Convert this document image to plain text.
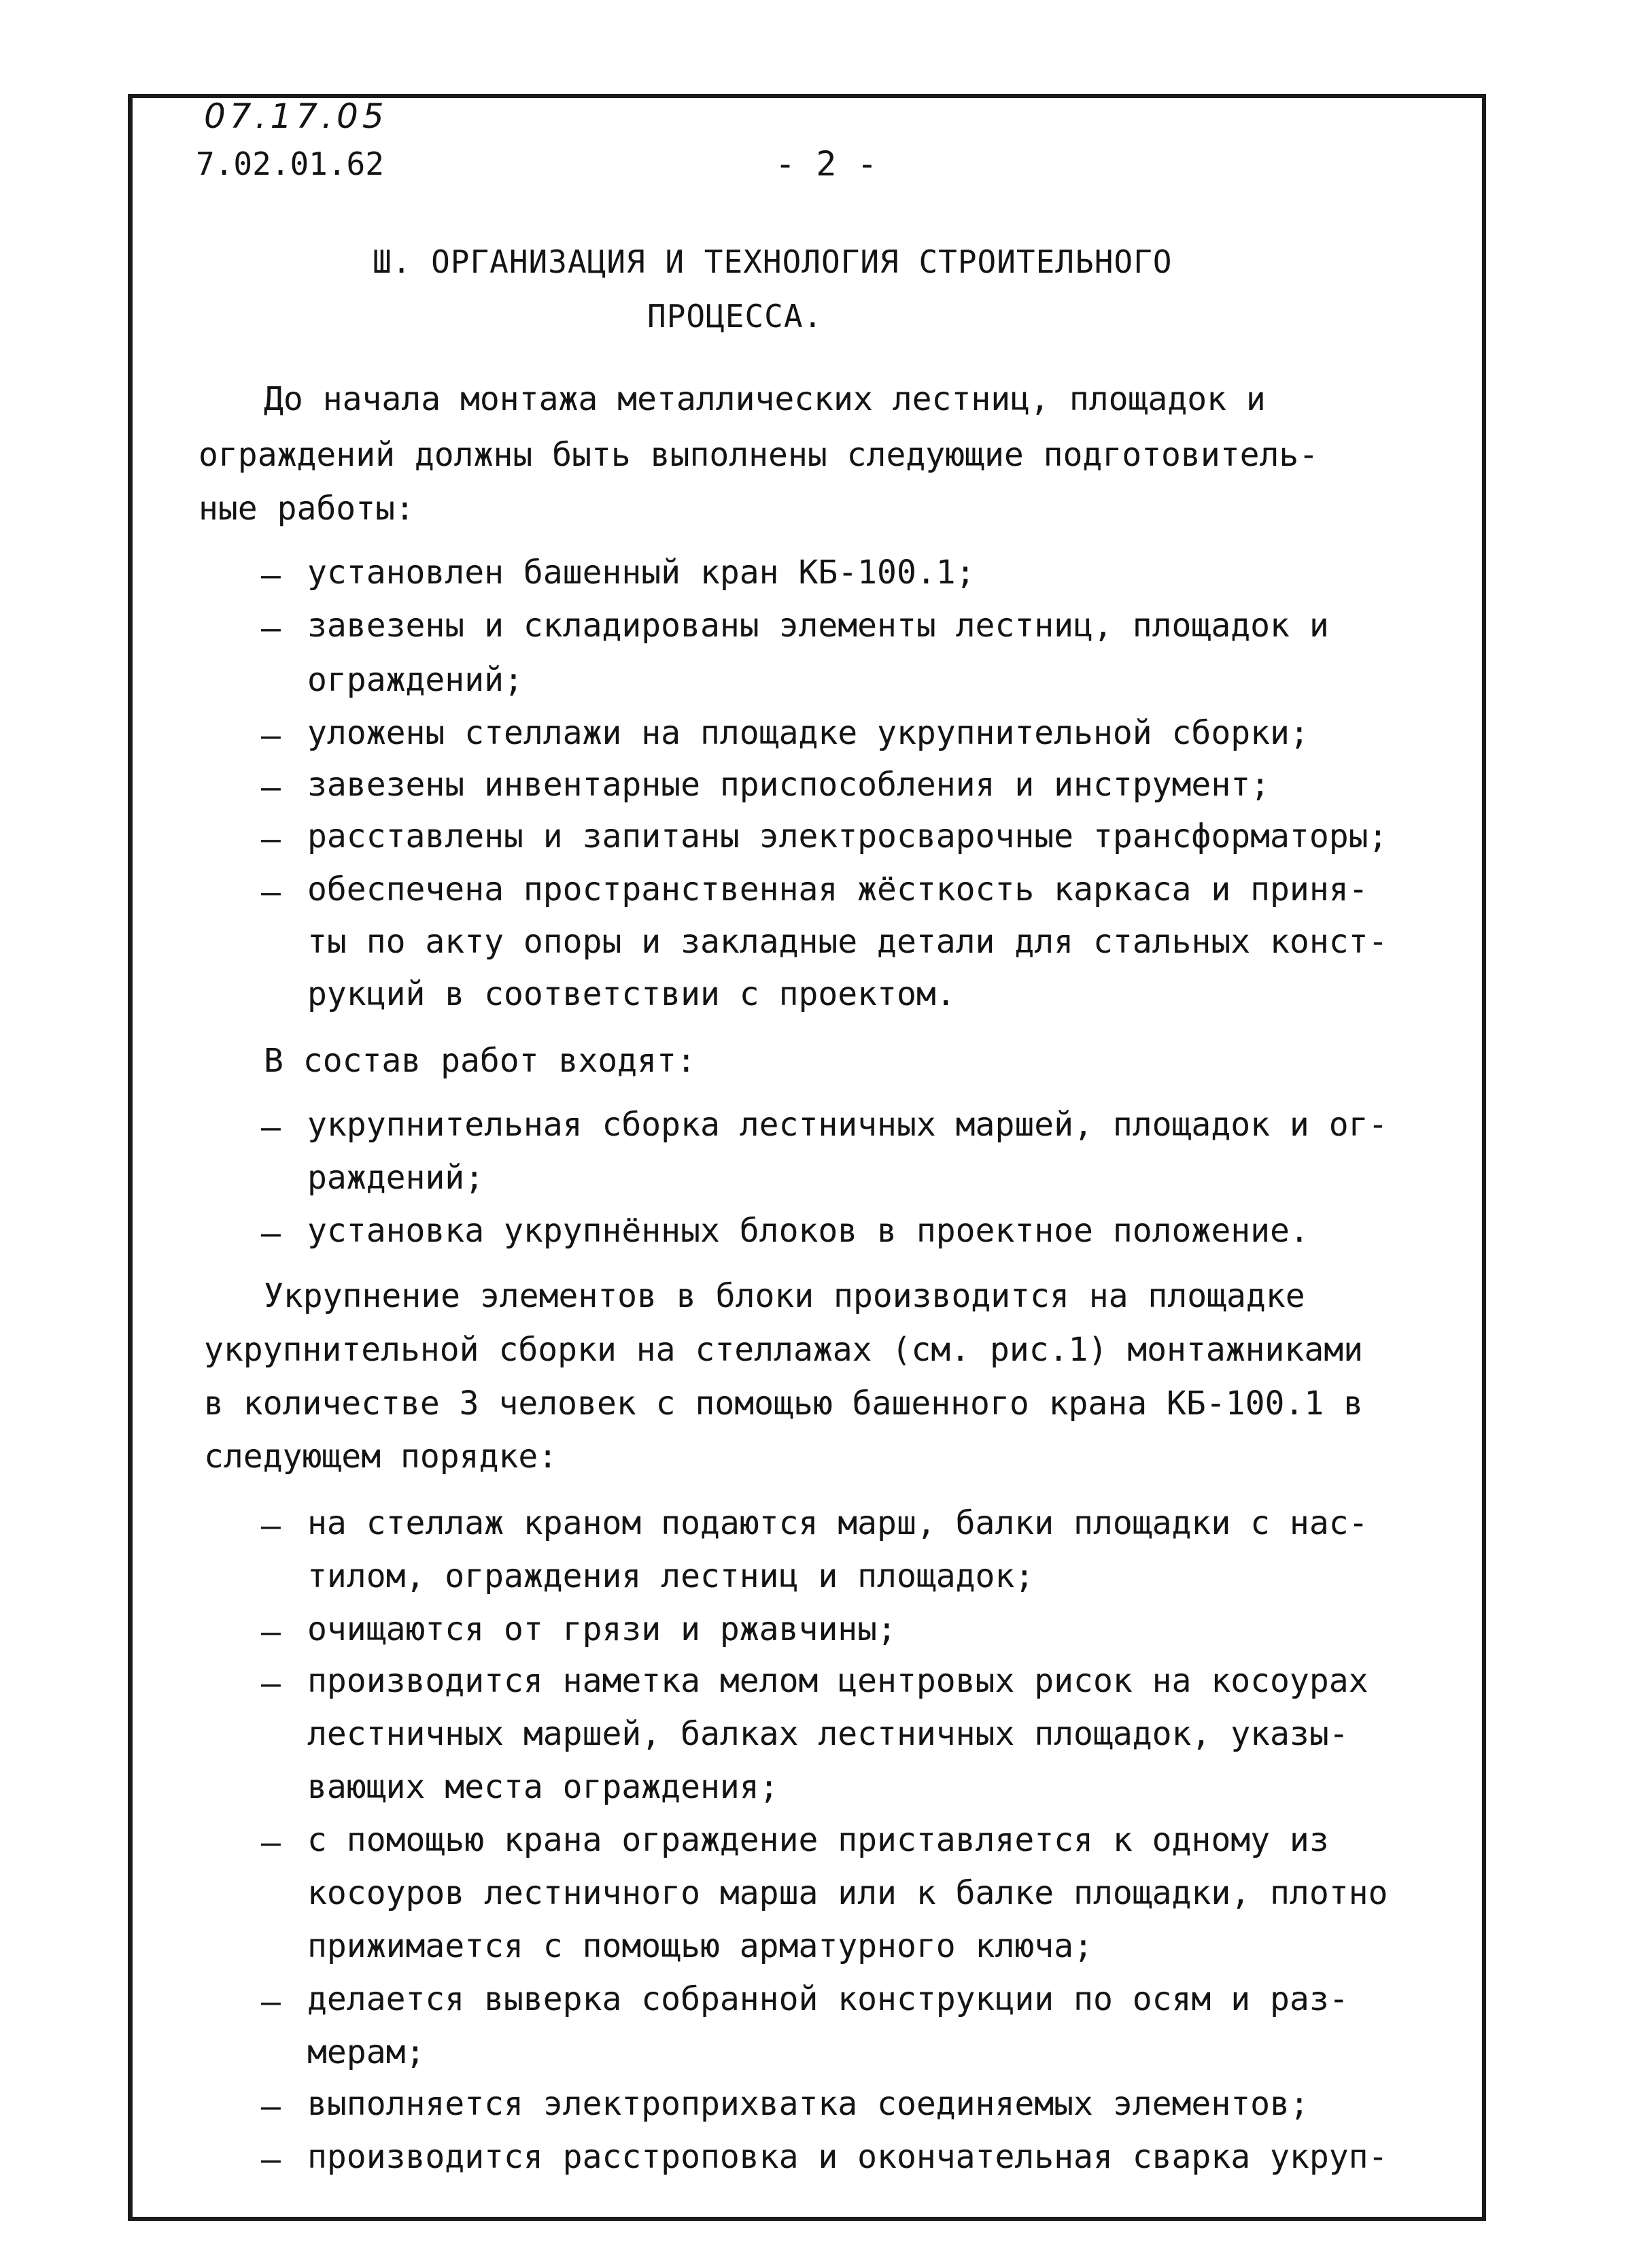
07.17.05
7.02.01.62	- 2 -
Ш. ОРГАНИЗАЦИЯ И ТЕХНОЛОГИЯ СТРОИТЕЛЬНОГО
ПРОЦЕССА.
До начала монтажа металлических лестниц, площадок и
ограждений должны быть выполнены следующие подготовитель-
ные работы:
– установлен башенный кран КБ-100.1;
– завезены и складированы элементы лестниц, площадок и
ограждений;
– уложены стеллажи на площадке укрупнительной сборки;
– завезены инвентарные приспособления и инструмент;
– расставлены и запитаны электросварочные трансформаторы;
– обеспечена пространственная жёсткость каркаса и приня-
ты по акту опоры и закладные детали для стальных конст-
рукций в соответствии с проектом.
В состав работ входят:
– укрупнительная сборка лестничных маршей, площадок и ог-
раждений;
– установка укрупнённых блоков в проектное положение.
Укрупнение элементов в блоки производится на площадке
укрупнительной сборки на стеллажах (см. рис.1) монтажниками
в количестве 3 человек с помощью башенного крана КБ-100.1 в
следующем порядке:
– на стеллаж краном подаются марш, балки площадки с нас-
тилом, ограждения лестниц и площадок;
– очищаются от грязи и ржавчины;
– производится наметка мелом центровых рисок на косоурах
лестничных маршей, балках лестничных площадок, указы-
вающих места ограждения;
– с помощью крана ограждение приставляется к одному из
косоуров лестничного марша или к балке площадки, плотно
прижимается с помощью арматурного ключа;
– делается выверка собранной конструкции по осям и раз-
мерам;
– выполняется электроприхватка соединяемых элементов;
– производится расстроповка и окончательная сварка укруп-
